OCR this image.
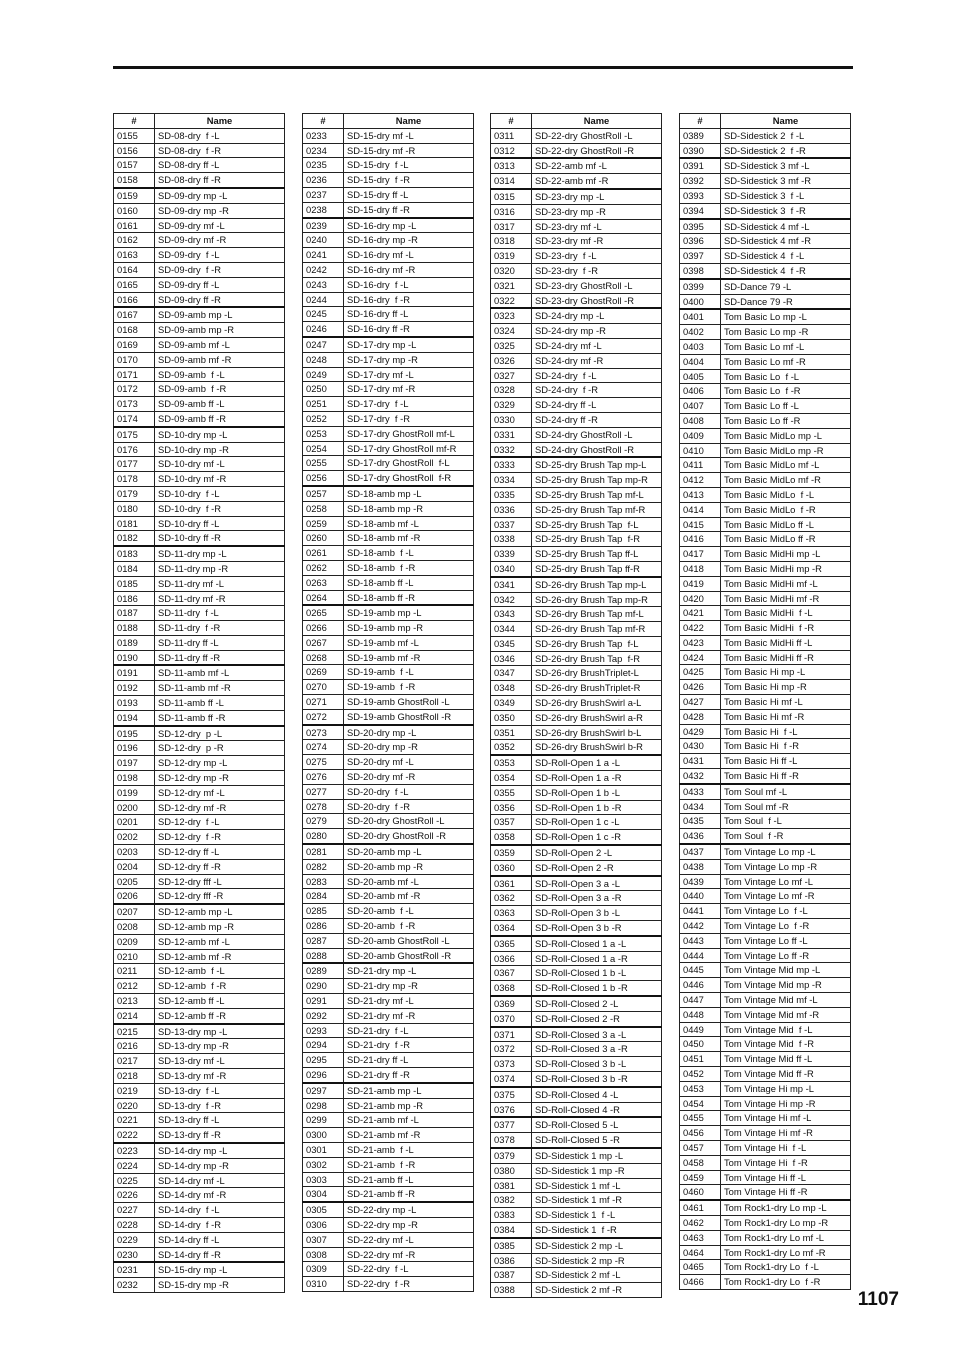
#	Name
0155	SD-08-dry  f -L
0156	SD-08-dry  f -R
0157	SD-08-dry ff -L
0158	SD-08-dry ff -R
0159	SD-09-dry mp -L
0160	SD-09-dry mp -R
0161	SD-09-dry mf -L
0162	SD-09-dry mf -R
0163	SD-09-dry  f -L
0164	SD-09-dry  f -R
0165	SD-09-dry ff -L
0166	SD-09-dry ff -R
0167	SD-09-amb mp -L
0168	SD-09-amb mp -R
0169	SD-09-amb mf -L
0170	SD-09-amb mf -R
0171	SD-09-amb  f -L
0172	SD-09-amb  f -R
0173	SD-09-amb ff -L
0174	SD-09-amb ff -R
0175	SD-10-dry mp -L
0176	SD-10-dry mp -R
0177	SD-10-dry mf -L
0178	SD-10-dry mf -R
0179	SD-10-dry  f -L
0180	SD-10-dry  f -R
0181	SD-10-dry ff -L
0182	SD-10-dry ff -R
0183	SD-11-dry mp -L
0184	SD-11-dry mp -R
0185	SD-11-dry mf -L
0186	SD-11-dry mf -R
0187	SD-11-dry  f -L
0188	SD-11-dry  f -R
0189	SD-11-dry ff -L
0190	SD-11-dry ff -R
0191	SD-11-amb mf -L
0192	SD-11-amb mf -R
0193	SD-11-amb ff -L
0194	SD-11-amb ff -R
0195	SD-12-dry  p -L
0196	SD-12-dry  p -R
0197	SD-12-dry mp -L
0198	SD-12-dry mp -R
0199	SD-12-dry mf -L
0200	SD-12-dry mf -R
0201	SD-12-dry  f -L
0202	SD-12-dry  f -R
0203	SD-12-dry ff -L
0204	SD-12-dry ff -R
0205	SD-12-dry fff -L
0206	SD-12-dry fff -R
0207	SD-12-amb mp -L
0208	SD-12-amb mp -R
0209	SD-12-amb mf -L
0210	SD-12-amb mf -R
0211	SD-12-amb  f -L
0212	SD-12-amb  f -R
0213	SD-12-amb ff -L
0214	SD-12-amb ff -R
0215	SD-13-dry mp -L
0216	SD-13-dry mp -R
0217	SD-13-dry mf -L
0218	SD-13-dry mf -R
0219	SD-13-dry  f -L
0220	SD-13-dry  f -R
0221	SD-13-dry ff -L
0222	SD-13-dry ff -R
0223	SD-14-dry mp -L
0224	SD-14-dry mp -R
0225	SD-14-dry mf -L
0226	SD-14-dry mf -R
0227	SD-14-dry  f -L
0228	SD-14-dry  f -R
0229	SD-14-dry ff -L
0230	SD-14-dry ff -R
0231	SD-15-dry mp -L
0232	SD-15-dry mp -R
#	Name
0233	SD-15-dry mf -L
0234	SD-15-dry mf -R
0235	SD-15-dry  f -L
0236	SD-15-dry  f -R
0237	SD-15-dry ff -L
0238	SD-15-dry ff -R
0239	SD-16-dry mp -L
0240	SD-16-dry mp -R
0241	SD-16-dry mf -L
0242	SD-16-dry mf -R
0243	SD-16-dry  f -L
0244	SD-16-dry  f -R
0245	SD-16-dry ff -L
0246	SD-16-dry ff -R
0247	SD-17-dry mp -L
0248	SD-17-dry mp -R
0249	SD-17-dry mf -L
0250	SD-17-dry mf -R
0251	SD-17-dry  f -L
0252	SD-17-dry  f -R
0253	SD-17-dry GhostRoll mf-L
0254	SD-17-dry GhostRoll mf-R
0255	SD-17-dry GhostRoll  f-L
0256	SD-17-dry GhostRoll  f-R
0257	SD-18-amb mp -L
0258	SD-18-amb mp -R
0259	SD-18-amb mf -L
0260	SD-18-amb mf -R
0261	SD-18-amb  f -L
0262	SD-18-amb  f -R
0263	SD-18-amb ff -L
0264	SD-18-amb ff -R
0265	SD-19-amb mp -L
0266	SD-19-amb mp -R
0267	SD-19-amb mf -L
0268	SD-19-amb mf -R
0269	SD-19-amb  f -L
0270	SD-19-amb  f -R
0271	SD-19-amb GhostRoll -L
0272	SD-19-amb GhostRoll -R
0273	SD-20-dry mp -L
0274	SD-20-dry mp -R
0275	SD-20-dry mf -L
0276	SD-20-dry mf -R
0277	SD-20-dry  f -L
0278	SD-20-dry  f -R
0279	SD-20-dry GhostRoll -L
0280	SD-20-dry GhostRoll -R
0281	SD-20-amb mp -L
0282	SD-20-amb mp -R
0283	SD-20-amb mf -L
0284	SD-20-amb mf -R
0285	SD-20-amb  f -L
0286	SD-20-amb  f -R
0287	SD-20-amb GhostRoll -L
0288	SD-20-amb GhostRoll -R
0289	SD-21-dry mp -L
0290	SD-21-dry mp -R
0291	SD-21-dry mf -L
0292	SD-21-dry mf -R
0293	SD-21-dry  f -L
0294	SD-21-dry  f -R
0295	SD-21-dry ff -L
0296	SD-21-dry ff -R
0297	SD-21-amb mp -L
0298	SD-21-amb mp -R
0299	SD-21-amb mf -L
0300	SD-21-amb mf -R
0301	SD-21-amb  f -L
0302	SD-21-amb  f -R
0303	SD-21-amb ff -L
0304	SD-21-amb ff -R
0305	SD-22-dry mp -L
0306	SD-22-dry mp -R
0307	SD-22-dry mf -L
0308	SD-22-dry mf -R
0309	SD-22-dry  f -L
0310	SD-22-dry  f -R
#	Name
0311	SD-22-dry GhostRoll -L
0312	SD-22-dry GhostRoll -R
0313	SD-22-amb mf -L
0314	SD-22-amb mf -R
0315	SD-23-dry mp -L
0316	SD-23-dry mp -R
0317	SD-23-dry mf -L
0318	SD-23-dry mf -R
0319	SD-23-dry  f -L
0320	SD-23-dry  f -R
0321	SD-23-dry GhostRoll -L
0322	SD-23-dry GhostRoll -R
0323	SD-24-dry mp -L
0324	SD-24-dry mp -R
0325	SD-24-dry mf -L
0326	SD-24-dry mf -R
0327	SD-24-dry  f -L
0328	SD-24-dry  f -R
0329	SD-24-dry ff -L
0330	SD-24-dry ff -R
0331	SD-24-dry GhostRoll -L
0332	SD-24-dry GhostRoll -R
0333	SD-25-dry Brush Tap mp-L
0334	SD-25-dry Brush Tap mp-R
0335	SD-25-dry Brush Tap mf-L
0336	SD-25-dry Brush Tap mf-R
0337	SD-25-dry Brush Tap  f-L
0338	SD-25-dry Brush Tap  f-R
0339	SD-25-dry Brush Tap ff-L
0340	SD-25-dry Brush Tap ff-R
0341	SD-26-dry Brush Tap mp-L
0342	SD-26-dry Brush Tap mp-R
0343	SD-26-dry Brush Tap mf-L
0344	SD-26-dry Brush Tap mf-R
0345	SD-26-dry Brush Tap  f-L
0346	SD-26-dry Brush Tap  f-R
0347	SD-26-dry BrushTriplet-L
0348	SD-26-dry BrushTriplet-R
0349	SD-26-dry BrushSwirl a-L
0350	SD-26-dry BrushSwirl a-R
0351	SD-26-dry BrushSwirl b-L
0352	SD-26-dry BrushSwirl b-R
0353	SD-Roll-Open 1 a -L
0354	SD-Roll-Open 1 a -R
0355	SD-Roll-Open 1 b -L
0356	SD-Roll-Open 1 b -R
0357	SD-Roll-Open 1 c -L
0358	SD-Roll-Open 1 c -R
0359	SD-Roll-Open 2 -L
0360	SD-Roll-Open 2 -R
0361	SD-Roll-Open 3 a -L
0362	SD-Roll-Open 3 a -R
0363	SD-Roll-Open 3 b -L
0364	SD-Roll-Open 3 b -R
0365	SD-Roll-Closed 1 a -L
0366	SD-Roll-Closed 1 a -R
0367	SD-Roll-Closed 1 b -L
0368	SD-Roll-Closed 1 b -R
0369	SD-Roll-Closed 2 -L
0370	SD-Roll-Closed 2 -R
0371	SD-Roll-Closed 3 a -L
0372	SD-Roll-Closed 3 a -R
0373	SD-Roll-Closed 3 b -L
0374	SD-Roll-Closed 3 b -R
0375	SD-Roll-Closed 4 -L
0376	SD-Roll-Closed 4 -R
0377	SD-Roll-Closed 5 -L
0378	SD-Roll-Closed 5 -R
0379	SD-Sidestick 1 mp -L
0380	SD-Sidestick 1 mp -R
0381	SD-Sidestick 1 mf -L
0382	SD-Sidestick 1 mf -R
0383	SD-Sidestick 1  f -L
0384	SD-Sidestick 1  f -R
0385	SD-Sidestick 2 mp -L
0386	SD-Sidestick 2 mp -R
0387	SD-Sidestick 2 mf -L
0388	SD-Sidestick 2 mf -R
#	Name
0389	SD-Sidestick 2  f -L
0390	SD-Sidestick 2  f -R
0391	SD-Sidestick 3 mf -L
0392	SD-Sidestick 3 mf -R
0393	SD-Sidestick 3  f -L
0394	SD-Sidestick 3  f -R
0395	SD-Sidestick 4 mf -L
0396	SD-Sidestick 4 mf -R
0397	SD-Sidestick 4  f -L
0398	SD-Sidestick 4  f -R
0399	SD-Dance 79 -L
0400	SD-Dance 79 -R
0401	Tom Basic Lo mp -L
0402	Tom Basic Lo mp -R
0403	Tom Basic Lo mf -L
0404	Tom Basic Lo mf -R
0405	Tom Basic Lo  f -L
0406	Tom Basic Lo  f -R
0407	Tom Basic Lo ff -L
0408	Tom Basic Lo ff -R
0409	Tom Basic MidLo mp -L
0410	Tom Basic MidLo mp -R
0411	Tom Basic MidLo mf -L
0412	Tom Basic MidLo mf -R
0413	Tom Basic MidLo  f -L
0414	Tom Basic MidLo  f -R
0415	Tom Basic MidLo ff -L
0416	Tom Basic MidLo ff -R
0417	Tom Basic MidHi mp -L
0418	Tom Basic MidHi mp -R
0419	Tom Basic MidHi mf -L
0420	Tom Basic MidHi mf -R
0421	Tom Basic MidHi  f -L
0422	Tom Basic MidHi  f -R
0423	Tom Basic MidHi ff -L
0424	Tom Basic MidHi ff -R
0425	Tom Basic Hi mp -L
0426	Tom Basic Hi mp -R
0427	Tom Basic Hi mf -L
0428	Tom Basic Hi mf -R
0429	Tom Basic Hi  f -L
0430	Tom Basic Hi  f -R
0431	Tom Basic Hi ff -L
0432	Tom Basic Hi ff -R
0433	Tom Soul mf -L
0434	Tom Soul mf -R
0435	Tom Soul  f -L
0436	Tom Soul  f -R
0437	Tom Vintage Lo mp -L
0438	Tom Vintage Lo mp -R
0439	Tom Vintage Lo mf -L
0440	Tom Vintage Lo mf -R
0441	Tom Vintage Lo  f -L
0442	Tom Vintage Lo  f -R
0443	Tom Vintage Lo ff -L
0444	Tom Vintage Lo ff -R
0445	Tom Vintage Mid mp -L
0446	Tom Vintage Mid mp -R
0447	Tom Vintage Mid mf -L
0448	Tom Vintage Mid mf -R
0449	Tom Vintage Mid  f -L
0450	Tom Vintage Mid  f -R
0451	Tom Vintage Mid ff -L
0452	Tom Vintage Mid ff -R
0453	Tom Vintage Hi mp -L
0454	Tom Vintage Hi mp -R
0455	Tom Vintage Hi mf -L
0456	Tom Vintage Hi mf -R
0457	Tom Vintage Hi  f -L
0458	Tom Vintage Hi  f -R
0459	Tom Vintage Hi ff -L
0460	Tom Vintage Hi ff -R
0461	Tom Rock1-dry Lo mp -L
0462	Tom Rock1-dry Lo mp -R
0463	Tom Rock1-dry Lo mf -L
0464	Tom Rock1-dry Lo mf -R
0465	Tom Rock1-dry Lo  f -L
0466	Tom Rock1-dry Lo  f -R
1107
